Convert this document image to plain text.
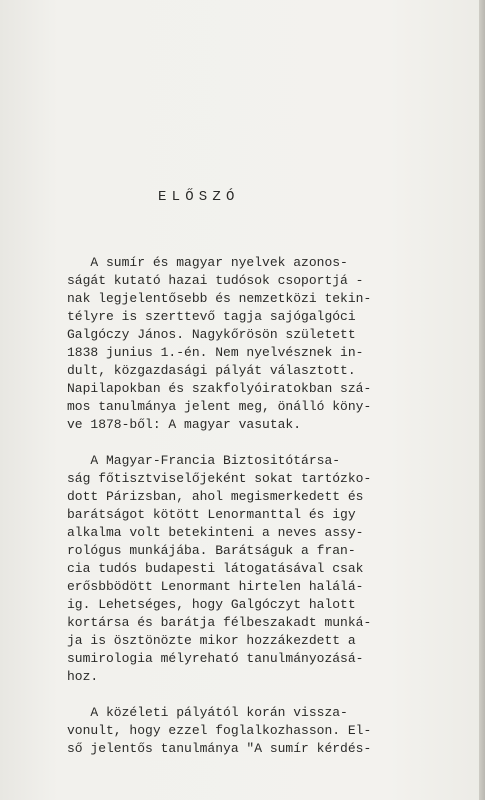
ELŐSZÓ

A sumír és magyar nyelvek azonos-

ságát kutató hazai tudósok csoportjá -

nak legjelentősebb és nemzetközi tekin-

télyre is szerttevő tagja sajógalgóci

Galgóczy János. Nagykőrösön született

1838 junius 1.-én. Nem nyelvésznek in-

dult, közgazdasági pályát választott.

Napilapokban és szakfolyóiratokban szá-

mos tanulmánya jelent meg, önálló köny-

ve 1878-ből: A magyar vasutak.

A Magyar-Francia Biztositótársa-

ság főtisztviselőjeként sokat tartózko-

dott Párizsban, ahol megismerkedett és

barátságot kötött Lenormanttal és igy

alkalma volt betekinteni a neves assy-

rológus munkájába. Barátságuk a fran-

cia tudós budapesti látogatásával csak

erősbbödött Lenormant hirtelen halálá-

ig. Lehetséges, hogy Galgóczyt halott

kortársa és barátja félbeszakadt munká-

ja is ösztönözte mikor hozzákezdett a

sumirologia mélyreható tanulmányozásá-

hoz.

A közéleti pályától korán vissza-

vonult, hogy ezzel foglalkozhasson. El-

ső jelentős tanulmánya "A sumír kérdés-
